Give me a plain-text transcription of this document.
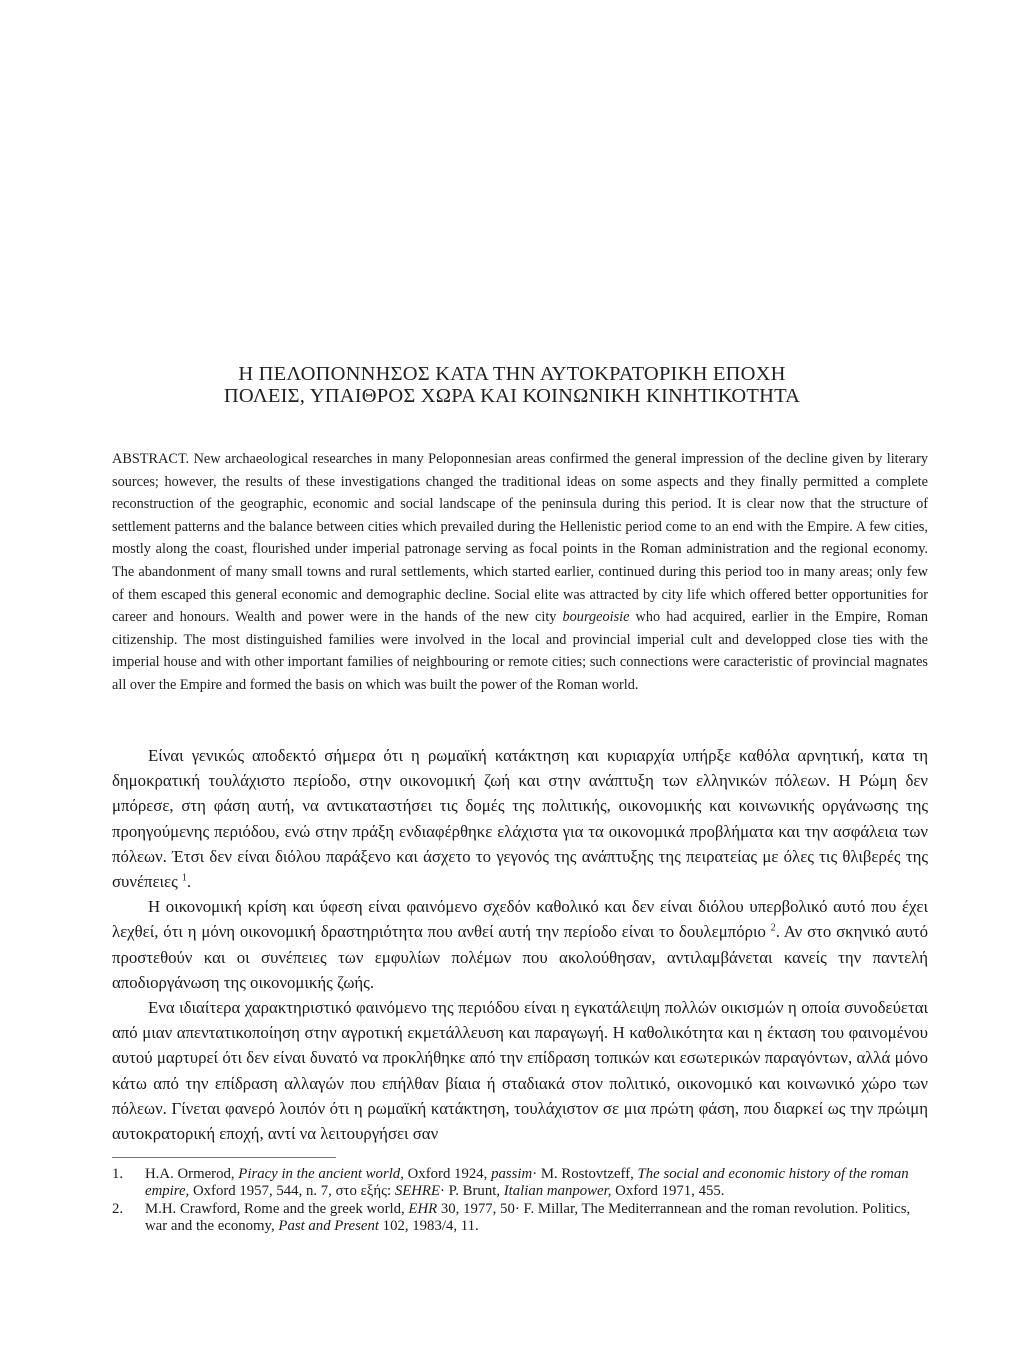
Η ΠΕΛΟΠΟΝΝΗΣΟΣ ΚΑΤΑ ΤΗΝ ΑΥΤΟΚΡΑΤΟΡΙΚΗ ΕΠΟΧΗ
ΠΟΛΕΙΣ, ΥΠΑΙΘΡΟΣ ΧΩΡΑ ΚΑΙ ΚΟΙΝΩΝΙΚΗ ΚΙΝΗΤΙΚΟΤΗΤΑ
ABSTRACT. New archaeological researches in many Peloponnesian areas confirmed the general impression of the decline given by literary sources; however, the results of these investigations changed the traditional ideas on some aspects and they finally permitted a complete reconstruction of the geographic, economic and social landscape of the peninsula during this period. It is clear now that the structure of settlement patterns and the balance between cities which prevailed during the Hellenistic period come to an end with the Empire. A few cities, mostly along the coast, flourished under imperial patronage serving as focal points in the Roman administration and the regional economy. The abandonment of many small towns and rural settlements, which started earlier, continued during this period too in many areas; only few of them escaped this general economic and demographic decline. Social elite was attracted by city life which offered better opportunities for career and honours. Wealth and power were in the hands of the new city bourgeoisie who had acquired, earlier in the Empire, Roman citizenship. The most distinguished families were involved in the local and provincial imperial cult and developped close ties with the imperial house and with other important families of neighbouring or remote cities; such connections were caracteristic of provincial magnates all over the Empire and formed the basis on which was built the power of the Roman world.

Είναι γενικώς αποδεκτό σήμερα ότι η ρωμαϊκή κατάκτηση και κυριαρχία υπήρξε καθόλα αρνητική, κατα τη δημοκρατική τουλάχιστο περίοδο, στην οικονομική ζωή και στην ανάπτυξη των ελληνικών πόλεων. Η Ρώμη δεν μπόρεσε, στη φάση αυτή, να αντικαταστήσει τις δομές της πολιτικής, οικονομικής και κοινωνικής οργάνωσης της προηγούμενης περιόδου, ενώ στην πράξη ενδιαφέρθηκε ελάχιστα για τα οικονομικά προβλήματα και την ασφάλεια των πόλεων. Έτσι δεν είναι διόλου παράξενο και άσχετο το γεγονός της ανάπτυξης της πειρατείας με όλες τις θλιβερές της συνέπειες $^1$.

Η οικονομική κρίση και ύφεση είναι φαινόμενο σχεδόν καθολικό και δεν είναι διόλου υπερβολικό αυτό που έχει λεχθεί, ότι η μόνη οικονομική δραστηριότητα που ανθεί αυτή την περίοδο είναι το δουλεμπόριο $^2$. Αν στο σκηνικό αυτό προστεθούν και οι συνέπειες των εμφυλίων πολέμων που ακολούθησαν, αντιλαμβάνεται κανείς την παντελή αποδιοργάνωση της οικονομικής ζωής.

Ενα ιδιαίτερα χαρακτηριστικό φαινόμενο της περιόδου είναι η εγκατάλειψη πολλών οικισμών η οποία συνοδεύεται από μιαν απεντατικοποίηση στην αγροτική εκμετάλλευση και παραγωγή. Η καθολικότητα και η έκταση του φαινομένου αυτού μαρτυρεί ότι δεν είναι δυνατό να προκλήθηκε από την επίδραση τοπικών και εσωτερικών παραγόντων, αλλά μόνο κάτω από την επίδραση αλλαγών που επήλθαν βίαια ή σταδιακά στον πολιτικό, οικονομικό και κοινωνικό χώρο των πόλεων. Γίνεται φανερό λοιπόν ότι η ρωμαϊκή κατάκτηση, τουλάχιστον σε μια πρώτη φάση, που διαρκεί ως την πρώιμη αυτοκρατορική εποχή, αντί να λειτουργήσει σαν

1.	H.A. Ormerod, Piracy in the ancient world, Oxford 1924, passim· M. Rostovtzeff, The social and economic history of the roman empire, Oxford 1957, 544, n. 7, στο εξής: SEHRE· P. Brunt, Italian manpower, Oxford 1971, 455.
2.	M.H. Crawford, Rome and the greek world, EHR 30, 1977, 50· F. Millar, The Mediterrannean and the roman revolution. Politics, war and the economy, Past and Present 102, 1983/4, 11.
